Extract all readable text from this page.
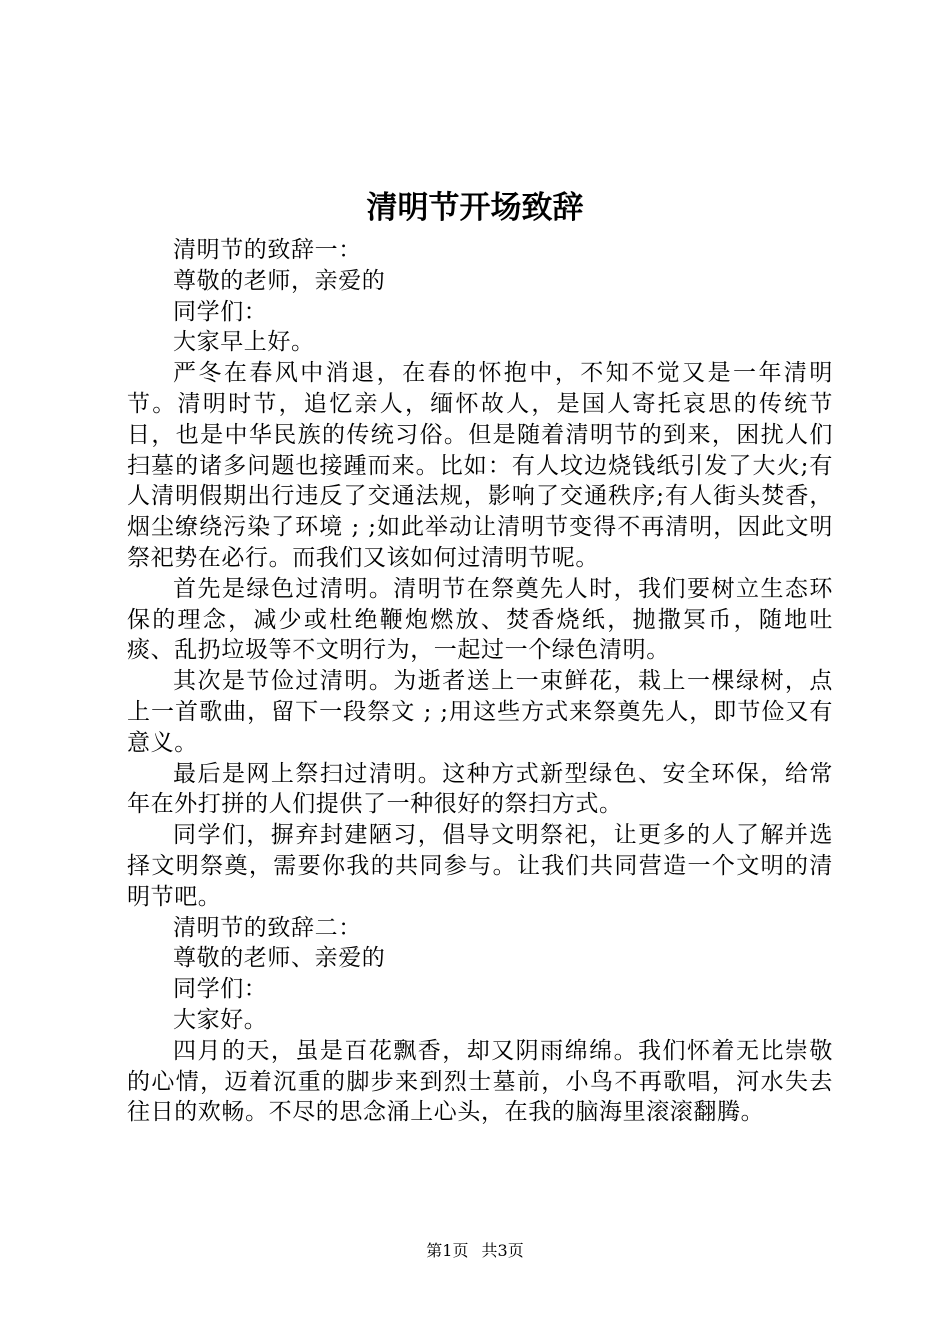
清明节开场致辞

清明节的致辞一：

尊敬的老师，亲爱的

同学们：

大家早上好。

严冬在春风中消退，在春的怀抱中，不知不觉又是一年清明节。清明时节，追忆亲人，缅怀故人，是国人寄托哀思的传统节日，也是中华民族的传统习俗。但是随着清明节的到来，困扰人们扫墓的诸多问题也接踵而来。比如：有人坟边烧钱纸引发了大火;有人清明假期出行违反了交通法规，影响了交通秩序;有人街头焚香，烟尘缭绕污染了环境 ; ;如此举动让清明节变得不再清明，因此文明祭祀势在必行。而我们又该如何过清明节呢。

首先是绿色过清明。清明节在祭奠先人时，我们要树立生态环保的理念，减少或杜绝鞭炮燃放、焚香烧纸，抛撒冥币，随地吐痰、乱扔垃圾等不文明行为，一起过一个绿色清明。

其次是节俭过清明。为逝者送上一束鲜花，栽上一棵绿树，点上一首歌曲，留下一段祭文 ; ;用这些方式来祭奠先人，即节俭又有意义。

最后是网上祭扫过清明。这种方式新型绿色、安全环保，给常年在外打拼的人们提供了一种很好的祭扫方式。

同学们，摒弃封建陋习，倡导文明祭祀，让更多的人了解并选择文明祭奠，需要你我的共同参与。让我们共同营造一个文明的清明节吧。

清明节的致辞二：

尊敬的老师、亲爱的

同学们：

大家好。

四月的天，虽是百花飘香，却又阴雨绵绵。我们怀着无比崇敬的心情，迈着沉重的脚步来到烈士墓前，小鸟不再歌唱，河水失去往日的欢畅。不尽的思念涌上心头，在我的脑海里滚滚翻腾。

第1页 共3页
